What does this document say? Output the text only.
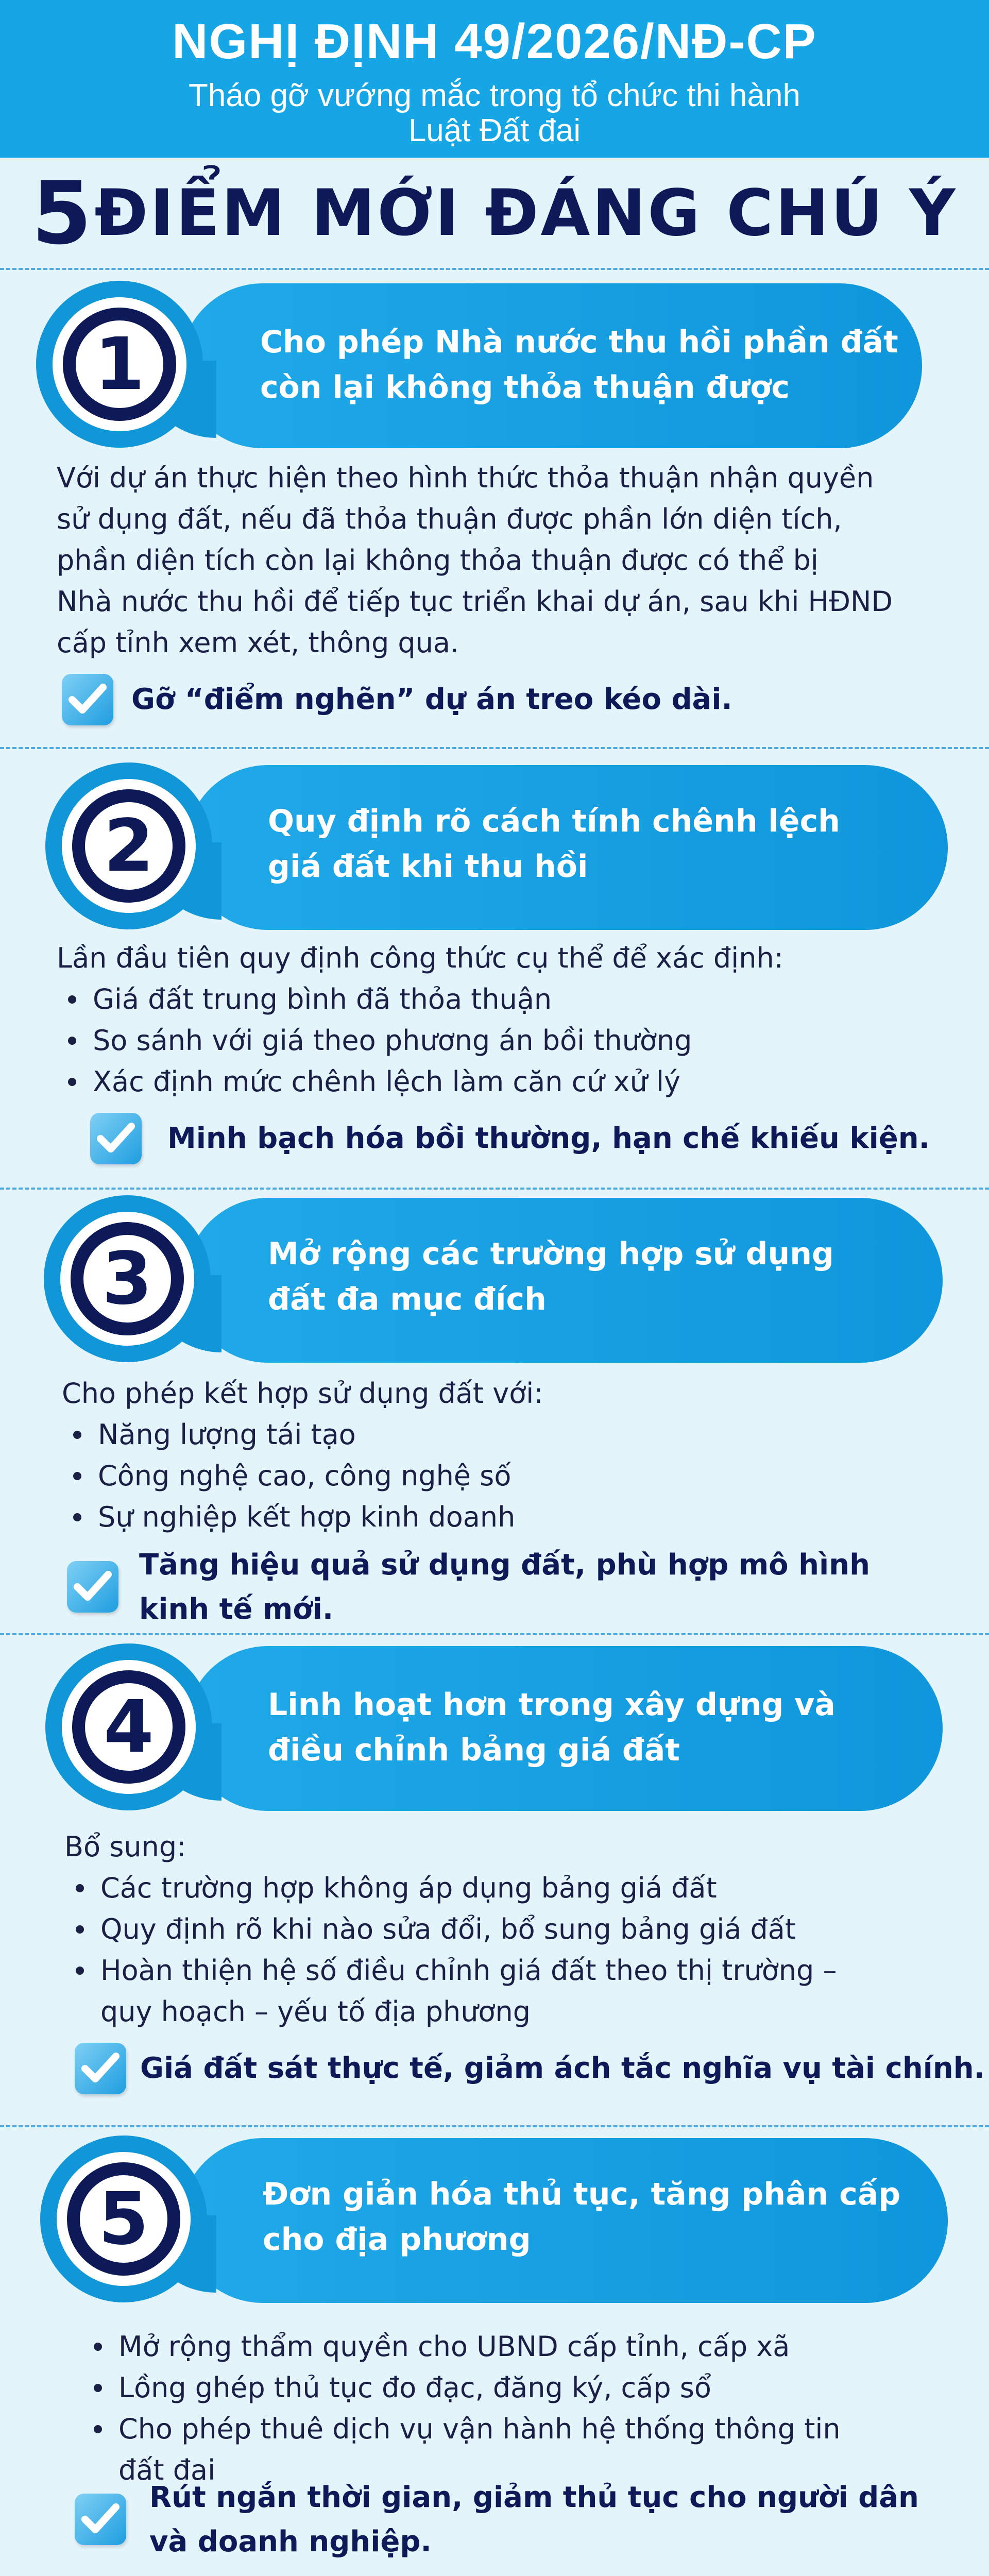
NGHỊ ĐỊNH 49/2026/NĐ-CP
Tháo gỡ vướng mắc trong tổ chức thi hành
Luật Đất đai
5 ĐIỂM MỚI ĐÁNG CHÚ Ý
1	Cho phép Nhà nước thu hồi phần đất
còn lại không thỏa thuận được
Với dự án thực hiện theo hình thức thỏa thuận nhận quyền
sử dụng đất, nếu đã thỏa thuận được phần lớn diện tích,
phần diện tích còn lại không thỏa thuận được có thể bị
Nhà nước thu hồi để tiếp tục triển khai dự án, sau khi HĐND
cấp tỉnh xem xét, thông qua.
Gỡ “điểm nghẽn” dự án treo kéo dài.
2	Quy định rõ cách tính chênh lệch
giá đất khi thu hồi
Lần đầu tiên quy định công thức cụ thể để xác định:
Giá đất trung bình đã thỏa thuận
So sánh với giá theo phương án bồi thường
Xác định mức chênh lệch làm căn cứ xử lý
Minh bạch hóa bồi thường, hạn chế khiếu kiện.
3	Mở rộng các trường hợp sử dụng
đất đa mục đích
Cho phép kết hợp sử dụng đất với:
Năng lượng tái tạo
Công nghệ cao, công nghệ số
Sự nghiệp kết hợp kinh doanh
Tăng hiệu quả sử dụng đất, phù hợp mô hình
kinh tế mới.
4	Linh hoạt hơn trong xây dựng và
điều chỉnh bảng giá đất
Bổ sung:
Các trường hợp không áp dụng bảng giá đất
Quy định rõ khi nào sửa đổi, bổ sung bảng giá đất
Hoàn thiện hệ số điều chỉnh giá đất theo thị trường –
quy hoạch – yếu tố địa phương
Giá đất sát thực tế, giảm ách tắc nghĩa vụ tài chính.
5	Đơn giản hóa thủ tục, tăng phân cấp
cho địa phương
Mở rộng thẩm quyền cho UBND cấp tỉnh, cấp xã
Lồng ghép thủ tục đo đạc, đăng ký, cấp sổ
Cho phép thuê dịch vụ vận hành hệ thống thông tin
đất đai
Rút ngắn thời gian, giảm thủ tục cho người dân
và doanh nghiệp.
